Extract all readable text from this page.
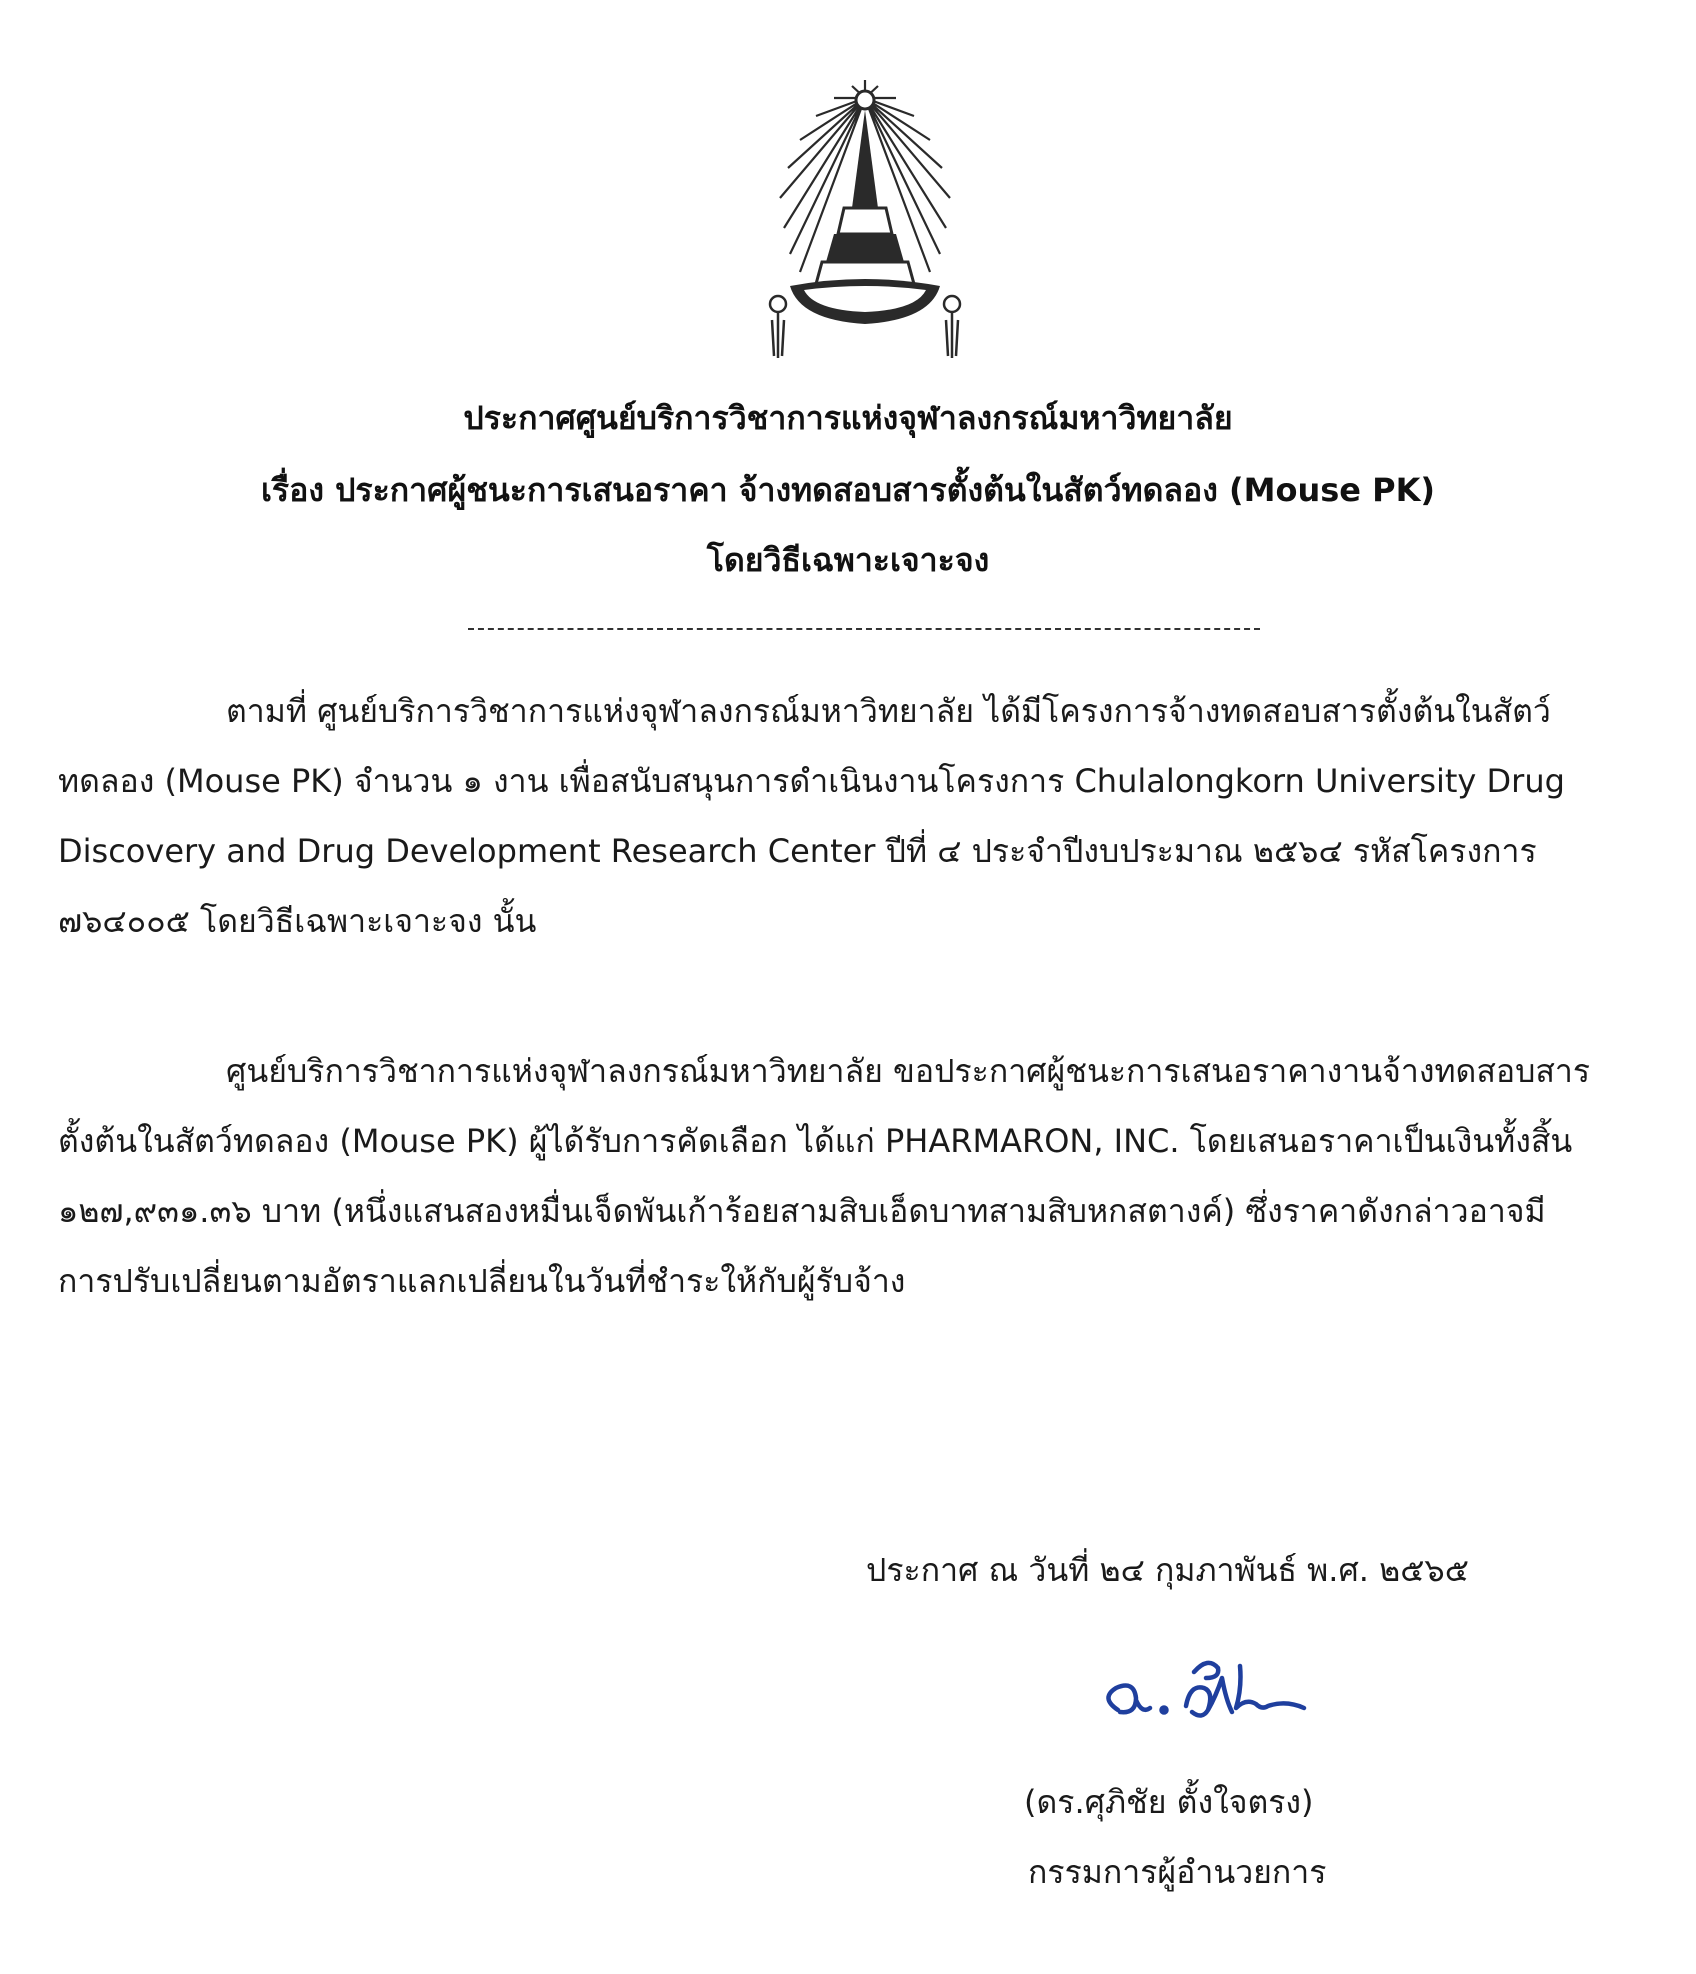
ประกาศศูนย์บริการวิชาการแห่งจุฬาลงกรณ์มหาวิทยาลัย
เรื่อง ประกาศผู้ชนะการเสนอราคา จ้างทดสอบสารตั้งต้นในสัตว์ทดลอง (Mouse PK)
โดยวิธีเฉพาะเจาะจง
ตามที่ ศูนย์บริการวิชาการแห่งจุฬาลงกรณ์มหาวิทยาลัย ได้มีโครงการจ้างทดสอบสารตั้งต้นในสัตว์
ทดลอง (Mouse PK) จำนวน ๑ งาน เพื่อสนับสนุนการดำเนินงานโครงการ Chulalongkorn University Drug
Discovery and Drug Development Research Center ปีที่ ๔ ประจำปีงบประมาณ ๒๕๖๔ รหัสโครงการ
๗๖๔๐๐๕ โดยวิธีเฉพาะเจาะจง นั้น
ศูนย์บริการวิชาการแห่งจุฬาลงกรณ์มหาวิทยาลัย ขอประกาศผู้ชนะการเสนอราคางานจ้างทดสอบสาร
ตั้งต้นในสัตว์ทดลอง (Mouse PK) ผู้ได้รับการคัดเลือก ได้แก่ PHARMARON, INC. โดยเสนอราคาเป็นเงินทั้งสิ้น
๑๒๗,๙๓๑.๓๖ บาท (หนึ่งแสนสองหมื่นเจ็ดพันเก้าร้อยสามสิบเอ็ดบาทสามสิบหกสตางค์) ซึ่งราคาดังกล่าวอาจมี
การปรับเปลี่ยนตามอัตราแลกเปลี่ยนในวันที่ชำระให้กับผู้รับจ้าง
ประกาศ ณ วันที่ ๒๔ กุมภาพันธ์ พ.ศ. ๒๕๖๕
(ดร.ศุภิชัย ตั้งใจตรง)
กรรมการผู้อำนวยการ
